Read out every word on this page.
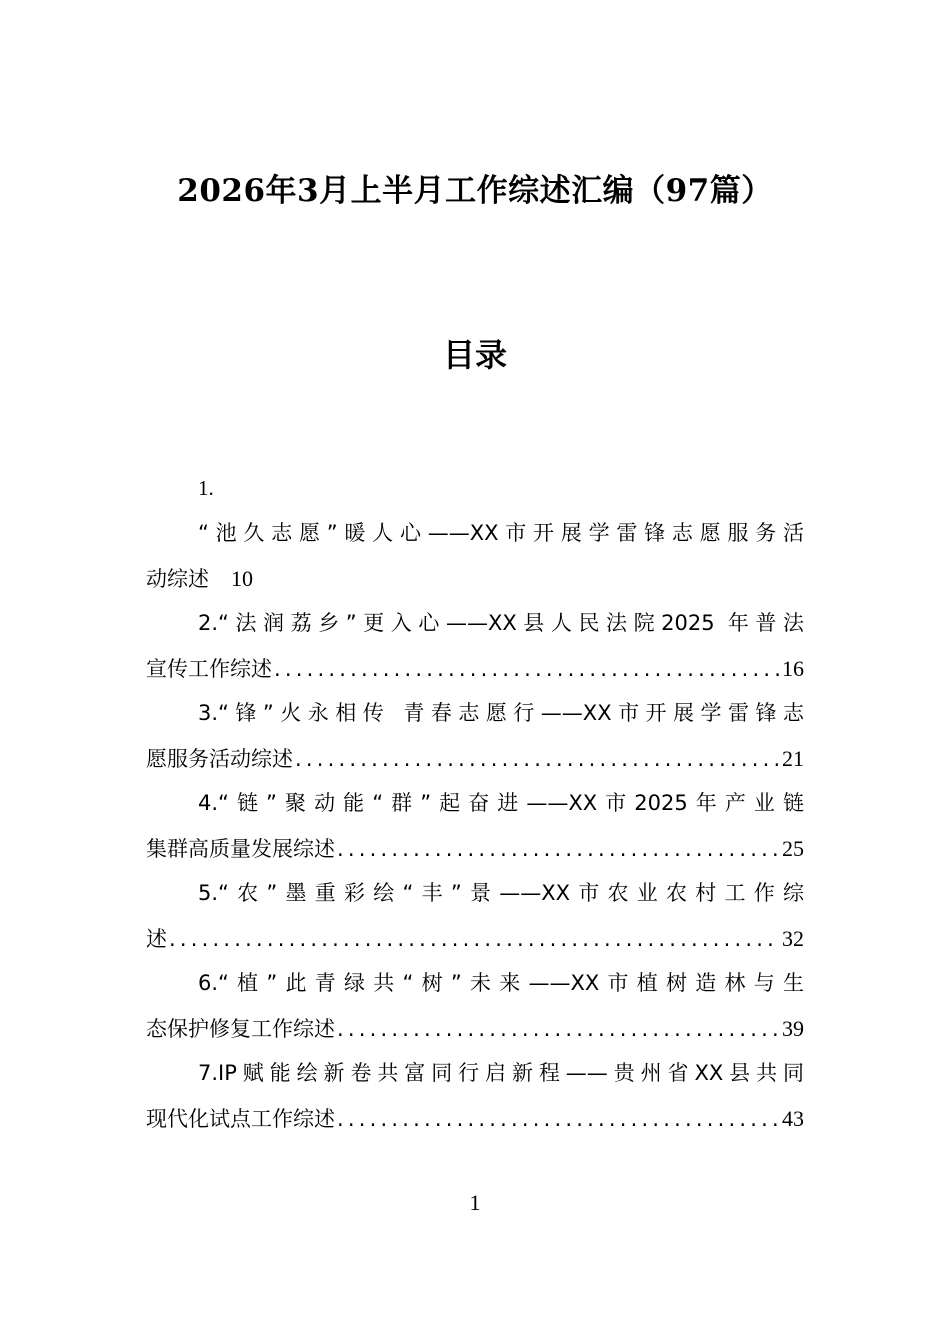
2026年3月上半月工作综述汇编（97篇）
目录
1.
“池久志愿”暖人心——XX市开展学雷锋志愿服务活
动综述 10
2.“法润荔乡”更入心——XX县人民法院2025 年普法
宣传工作综述 .....	16
3.“锋”火永相传 青春志愿行——XX市开展学雷锋志
愿服务活动综述 .....	21
4.“链”聚动能“群”起奋进——XX市2025年产业链
集群高质量发展综述 .....	25
5.“农”墨重彩绘“丰”景——XX市农业农村工作综
述 .....	32
6.“植”此青绿共“树”未来——XX市植树造林与生
态保护修复工作综述 .....	39
7.IP赋能绘新卷共富同行启新程——贵州省XX县共同
现代化试点工作综述 .....	43
1
